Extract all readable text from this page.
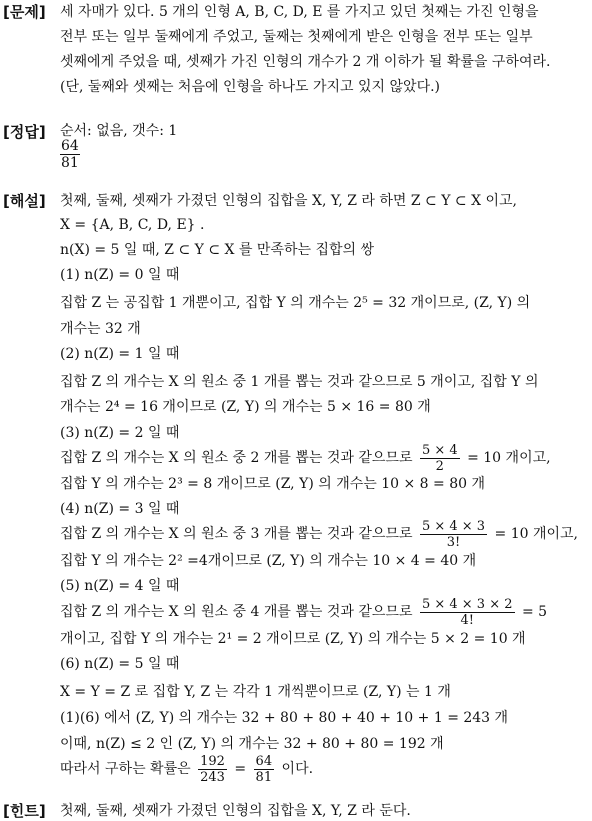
[문제] 세 자매가 있다. 5 개의 인형 A, B, C, D, E 를 가지고 있던 첫째는 가진 인형을
전부 또는 일부 둘째에게 주었고, 둘째는 첫째에게 받은 인형을 전부 또는 일부
셋째에게 주었을 때, 셋째가 가진 인형의 개수가 2 개 이하가 될 확률을 구하여라.
(단, 둘째와 셋째는 처음에 인형을 하나도 가지고 있지 않았다.)
[정답] 순서: 없음, 갯수: 1
$\frac{64}{81}$
[해설] 첫째, 둘째, 셋째가 가졌던 인형의 집합을 X, Y, Z 라 하면 Z ⊂ Y ⊂ X 이고,
X = {A, B, C, D, E} .
n(X) = 5 일 때, Z ⊂ Y ⊂ X 를 만족하는 집합의 쌍
(1) n(Z) = 0 일 때
집합 Z 는 공집합 1 개뿐이고, 집합 Y 의 개수는 2⁵ = 32 개이므로, (Z, Y) 의
개수는 32 개
(2) n(Z) = 1 일 때
집합 Z 의 개수는 X 의 원소 중 1 개를 뽑는 것과 같으므로 5 개이고, 집합 Y 의
개수는 2⁴ = 16 개이므로 (Z, Y) 의 개수는 5 × 16 = 80 개
(3) n(Z) = 2 일 때
집합 Z 의 개수는 X 의 원소 중 2 개를 뽑는 것과 같으므로 $\frac{5 \times 4}{2} = 10$ 개이고,
집합 Y 의 개수는 2³ = 8 개이므로 (Z, Y) 의 개수는 10 × 8 = 80 개
(4) n(Z) = 3 일 때
집합 Z 의 개수는 X 의 원소 중 3 개를 뽑는 것과 같으므로 $\frac{5 \times 4 \times 3}{3!} = 10$ 개이고,
집합 Y 의 개수는 2² =4개이므로 (Z, Y) 의 개수는 10 × 4 = 40 개
(5) n(Z) = 4 일 때
집합 Z 의 개수는 X 의 원소 중 4 개를 뽑는 것과 같으므로 $\frac{5 \times 4 \times 3 \times 2}{4!} = 5$
개이고, 집합 Y 의 개수는 2¹ = 2 개이므로 (Z, Y) 의 개수는 5 × 2 = 10 개
(6) n(Z) = 5 일 때
X = Y = Z 로 집합 Y, Z 는 각각 1 개씩뿐이므로 (Z, Y) 는 1 개
(1)(6) 에서 (Z, Y) 의 개수는 32 + 80 + 80 + 40 + 10 + 1 = 243 개
이때, n(Z) ≤ 2 인 (Z, Y) 의 개수는 32 + 80 + 80 = 192 개
따라서 구하는 확률은 $\frac{192}{243} = \frac{64}{81}$ 이다.
[힌트] 첫째, 둘째, 셋째가 가졌던 인형의 집합을 X, Y, Z 라 둔다.
